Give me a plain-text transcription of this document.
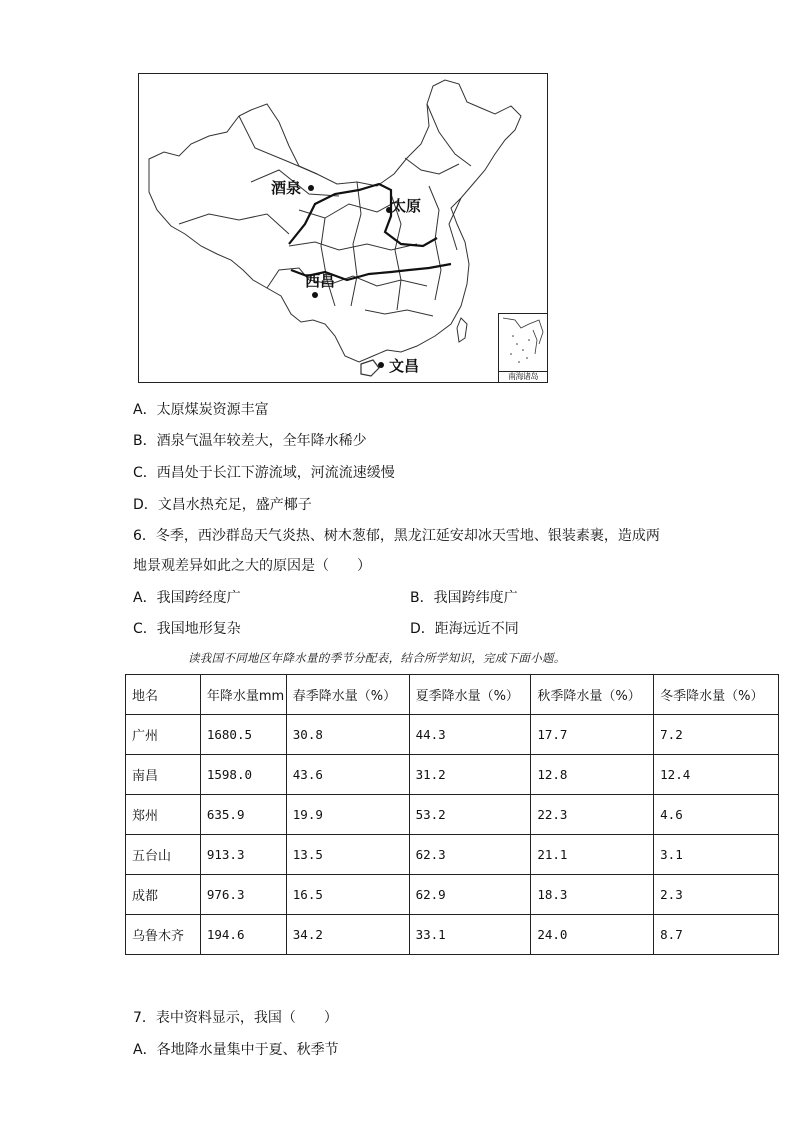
酒泉
太原
西昌
文昌
南海诸岛
A．太原煤炭资源丰富
B．酒泉气温年较差大，全年降水稀少
C．西昌处于长江下游流域，河流流速缓慢
D．文昌水热充足，盛产椰子
6．冬季，西沙群岛天气炎热、树木葱郁，黑龙江延安却冰天雪地、银装素裹，造成两
地景观差异如此之大的原因是（　　）
A．我国跨经度广	B．我国跨纬度广
C．我国地形复杂	D．距海远近不同
读我国不同地区年降水量的季节分配表，结合所学知识，完成下面小题。
地名	年降水量mm	春季降水量（%）	夏季降水量（%）	秋季降水量（%）	冬季降水量（%）
广州	1680.5	30.8	44.3	17.7	7.2
南昌	1598.0	43.6	31.2	12.8	12.4
郑州	635.9	19.9	53.2	22.3	4.6
五台山	913.3	13.5	62.3	21.1	3.1
成都	976.3	16.5	62.9	18.3	2.3
乌鲁木齐	194.6	34.2	33.1	24.0	8.7
7．表中资料显示，我国（　　）
A．各地降水量集中于夏、秋季节
